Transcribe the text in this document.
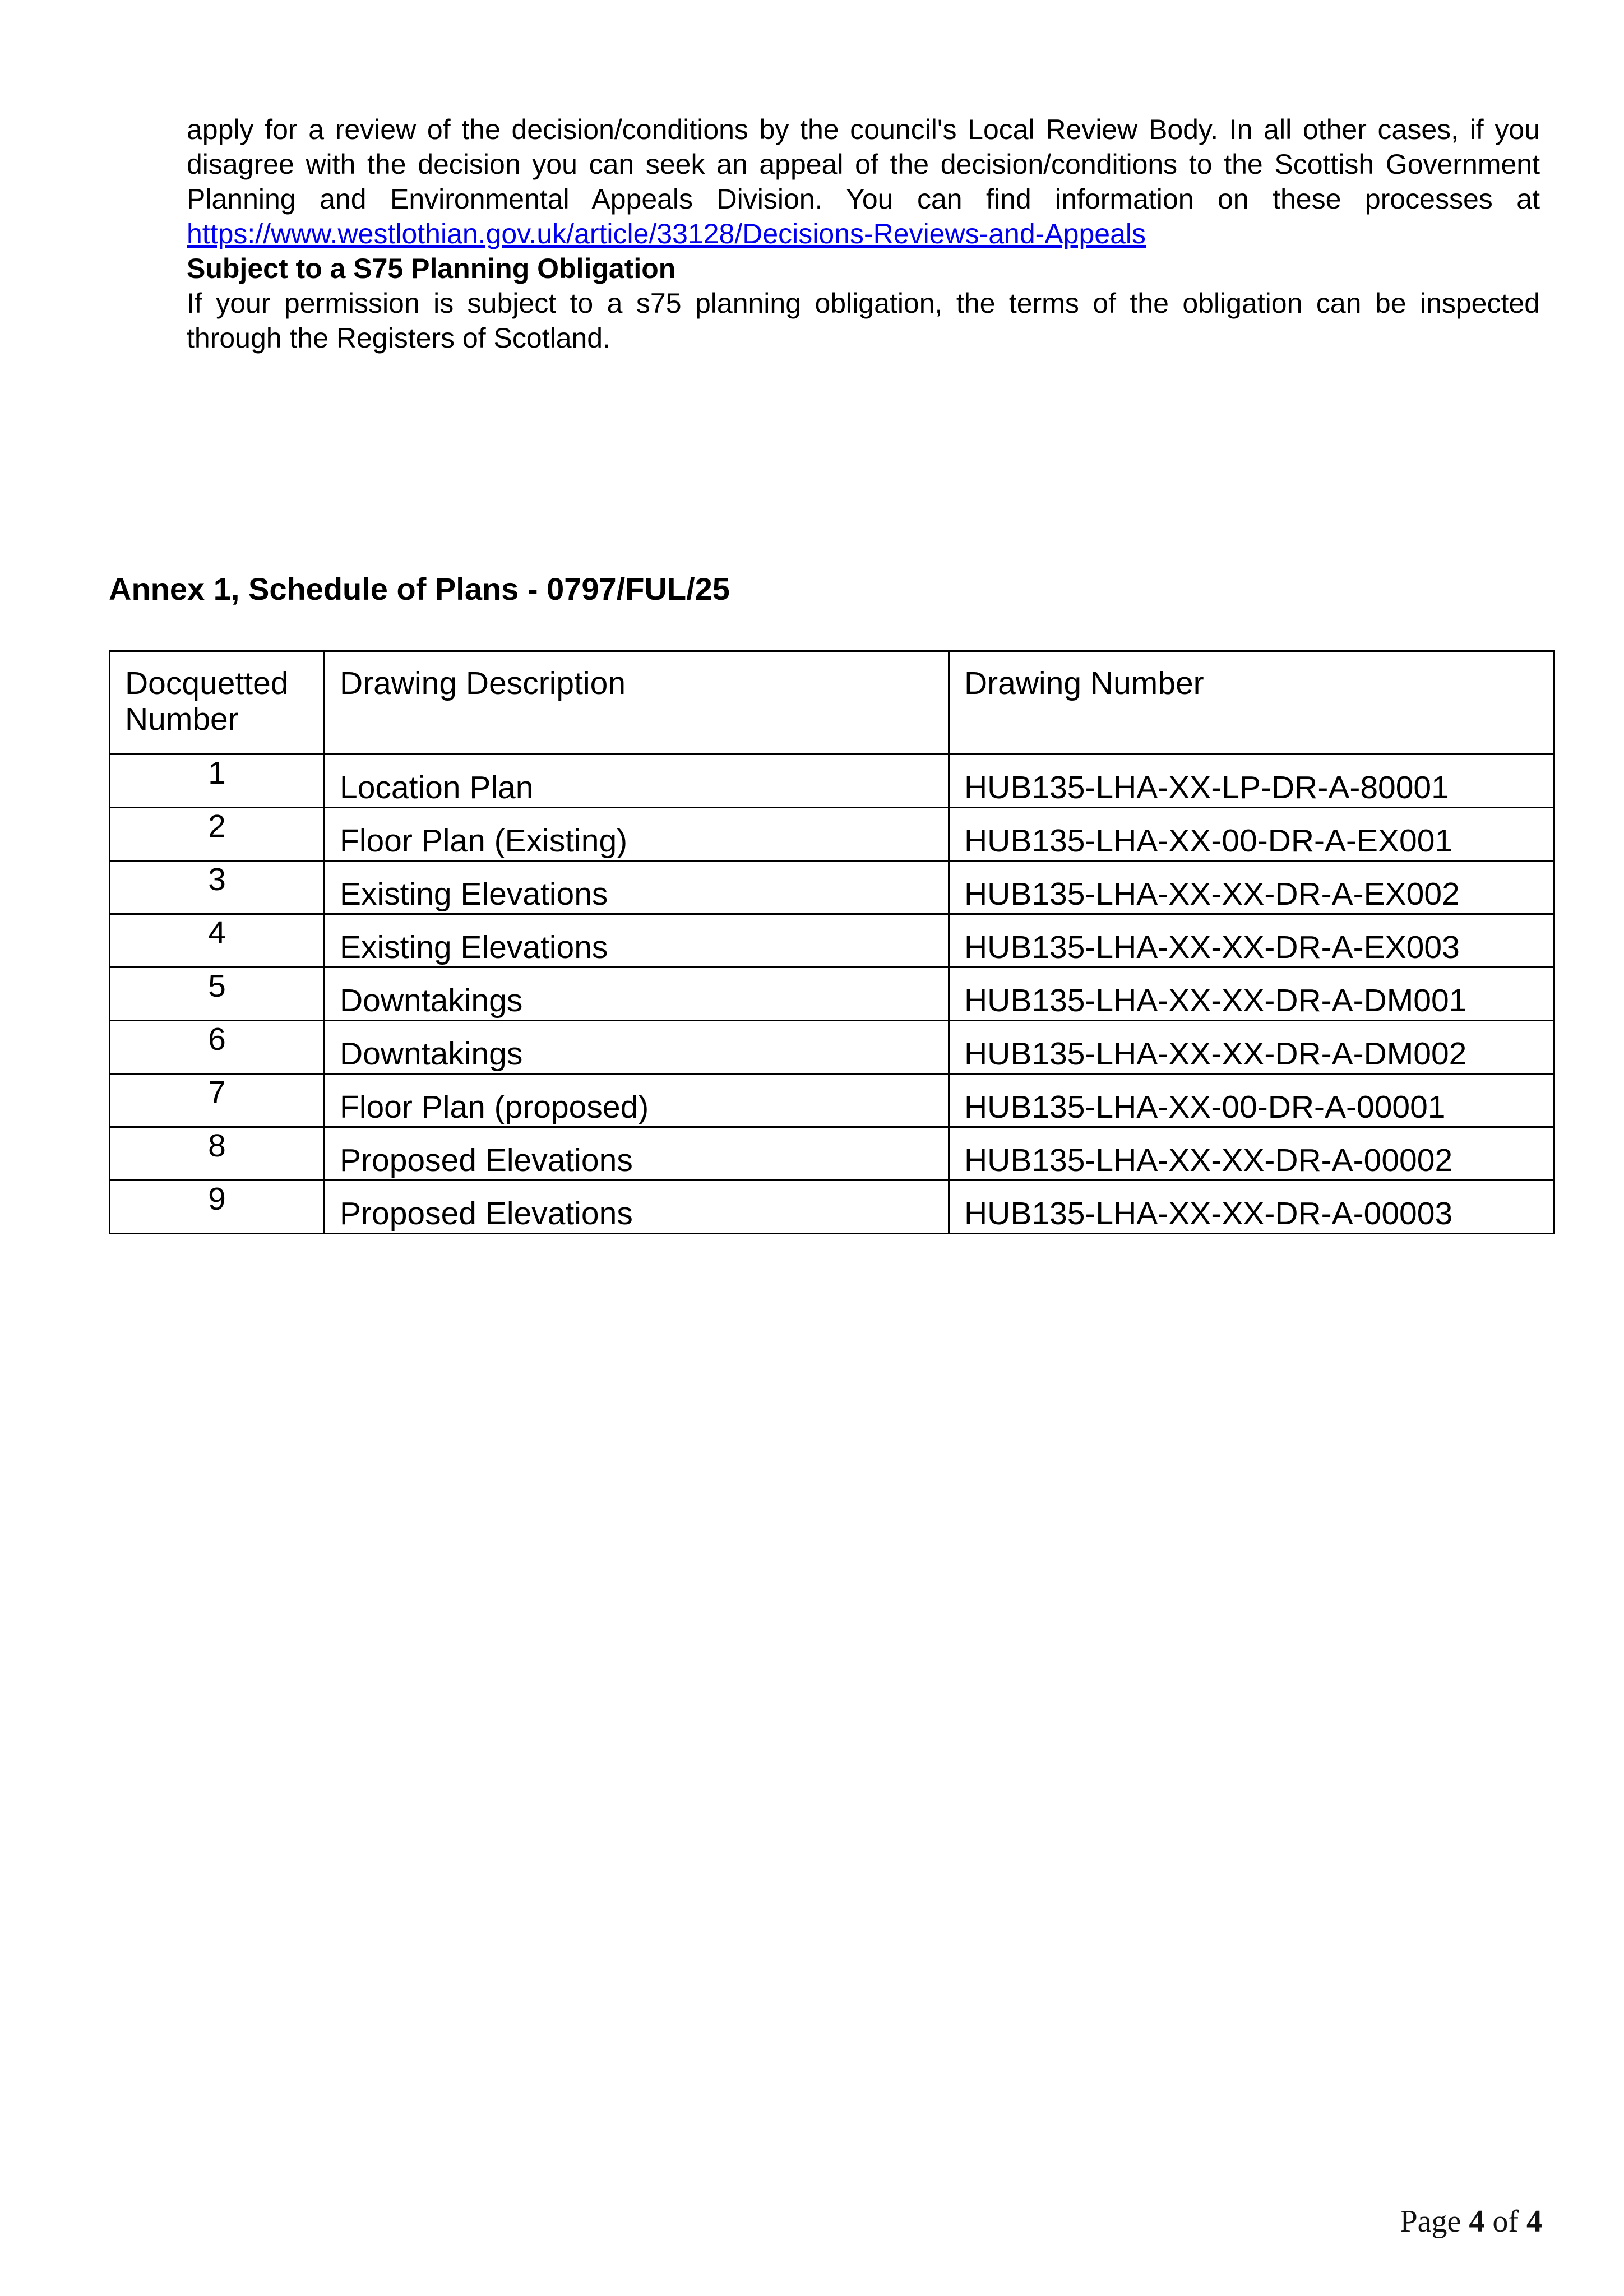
apply for a review of the decision/conditions by the council's Local Review Body. In all other cases, if you disagree with the decision you can seek an appeal of the decision/conditions to the Scottish Government Planning and Environmental Appeals Division. You can find information on these processes at https://www.westlothian.gov.uk/article/33128/Decisions-Reviews-and-Appeals

Subject to a S75 Planning Obligation

If your permission is subject to a s75 planning obligation, the terms of the obligation can be inspected through the Registers of Scotland.

Annex 1, Schedule of Plans - 0797/FUL/25
Docquetted Number	Drawing Description	Drawing Number
1	Location Plan	HUB135-LHA-XX-LP-DR-A-80001
2	Floor Plan (Existing)	HUB135-LHA-XX-00-DR-A-EX001
3	Existing Elevations	HUB135-LHA-XX-XX-DR-A-EX002
4	Existing Elevations	HUB135-LHA-XX-XX-DR-A-EX003
5	Downtakings	HUB135-LHA-XX-XX-DR-A-DM001
6	Downtakings	HUB135-LHA-XX-XX-DR-A-DM002
7	Floor Plan (proposed)	HUB135-LHA-XX-00-DR-A-00001
8	Proposed Elevations	HUB135-LHA-XX-XX-DR-A-00002
9	Proposed Elevations	HUB135-LHA-XX-XX-DR-A-00003
Page 4 of 4
